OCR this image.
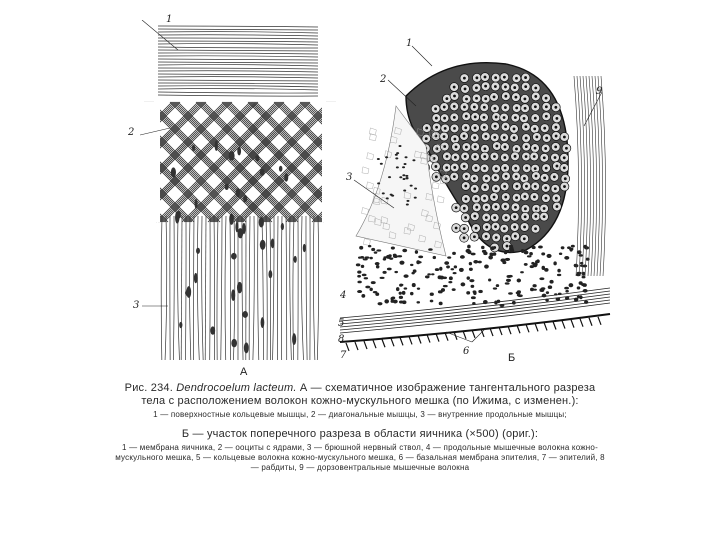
1
2
3
А
1
2
3
4
5
6
7
8
9
Б

Рис. 234. Dendrocoelum lacteum. А — схематичное изображение тангентального разреза тела с расположением волокон кожно-мускульного мешка (по Ижимa, с изменен.):

1 — поверхностные кольцевые мышцы, 2 — диагональные мышцы, 3 — внутренние продольные мышцы;

Б — участок поперечного разреза в области яичника (×500) (ориг.):

1 — мембрана яичника, 2 — ооциты с ядрами, 3 — брюшной нервный ствол, 4 — продольные мышечные волокна кожно-мускульного мешка, 5 — кольцевые волокна кожно-мускульного мешка, 6 — базальная мембрана эпителия, 7 — эпителий, 8 — рабдиты, 9 — дорзовентральные мышечные волокна
